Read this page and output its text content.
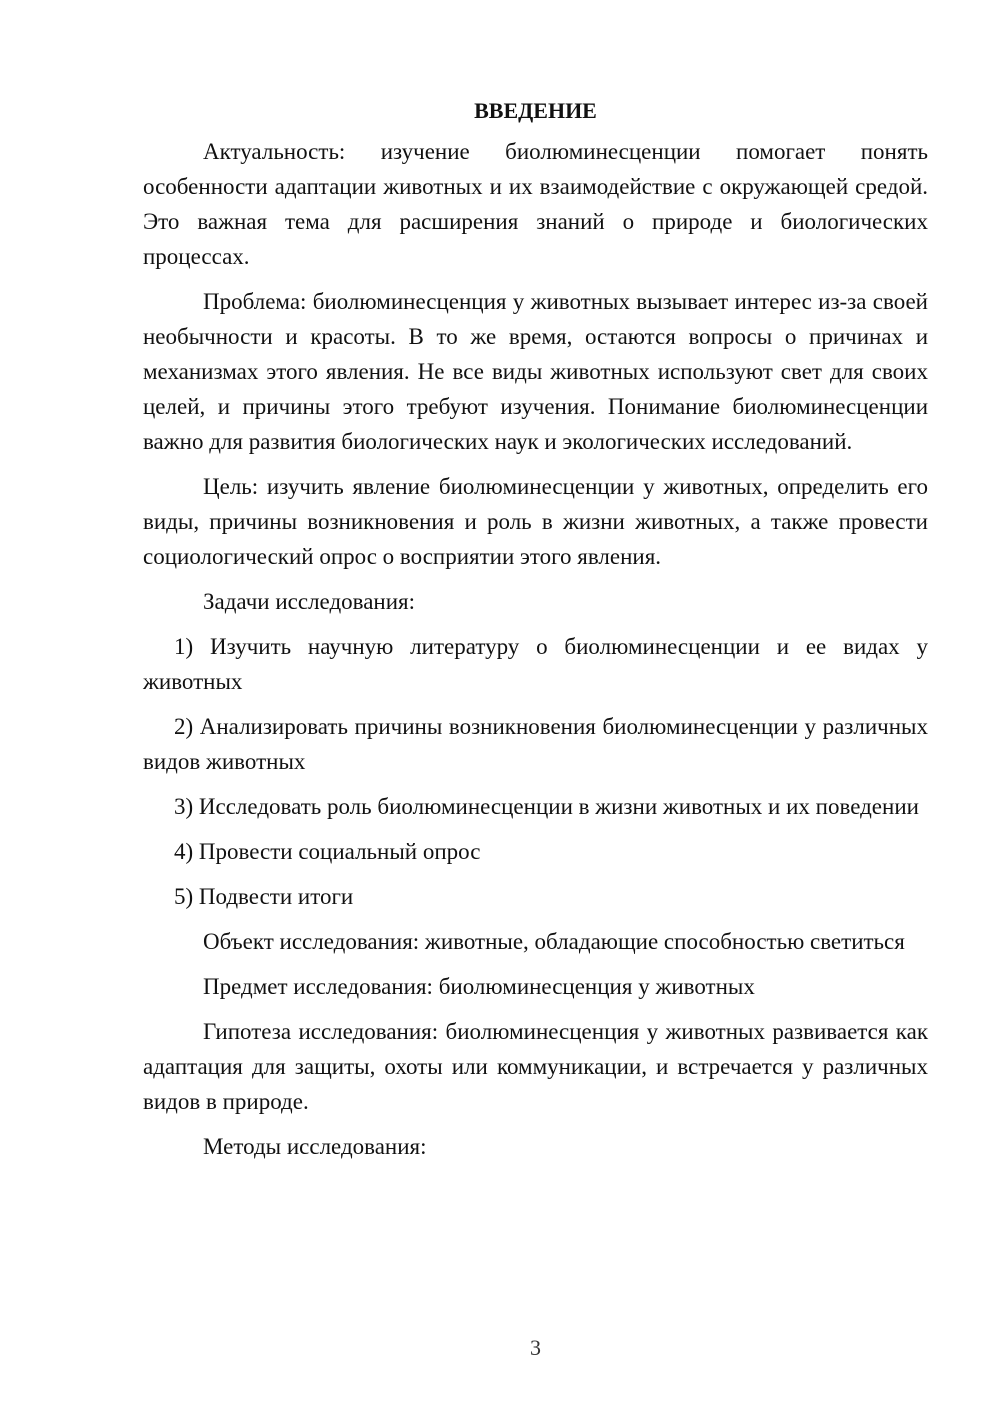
ВВЕДЕНИЕ

Актуальность: изучение биолюминесценции помогает понять особенности адаптации животных и их взаимодействие с окружающей средой. Это важная тема для расширения знаний о природе и биологических процессах.

Проблема: биолюминесценция у животных вызывает интерес из-за своей необычности и красоты. В то же время, остаются вопросы о причинах и механизмах этого явления. Не все виды животных используют свет для своих целей, и причины этого требуют изучения. Понимание биолюминесценции важно для развития биологических наук и экологических исследований.

Цель: изучить явление биолюминесценции у животных, определить его виды, причины возникновения и роль в жизни животных, а также провести социологический опрос о восприятии этого явления.

Задачи исследования:

1) Изучить научную литературу о биолюминесценции и ее видах у животных

2) Анализировать причины возникновения биолюминесценции у различных видов животных

3) Исследовать роль биолюминесценции в жизни животных и их поведении

4) Провести социальный опрос

5) Подвести итоги

Объект исследования: животные, обладающие способностью светиться

Предмет исследования: биолюминесценция у животных

Гипотеза исследования: биолюминесценция у животных развивается как адаптация для защиты, охоты или коммуникации, и встречается у различных видов в природе.

Методы исследования:

3
